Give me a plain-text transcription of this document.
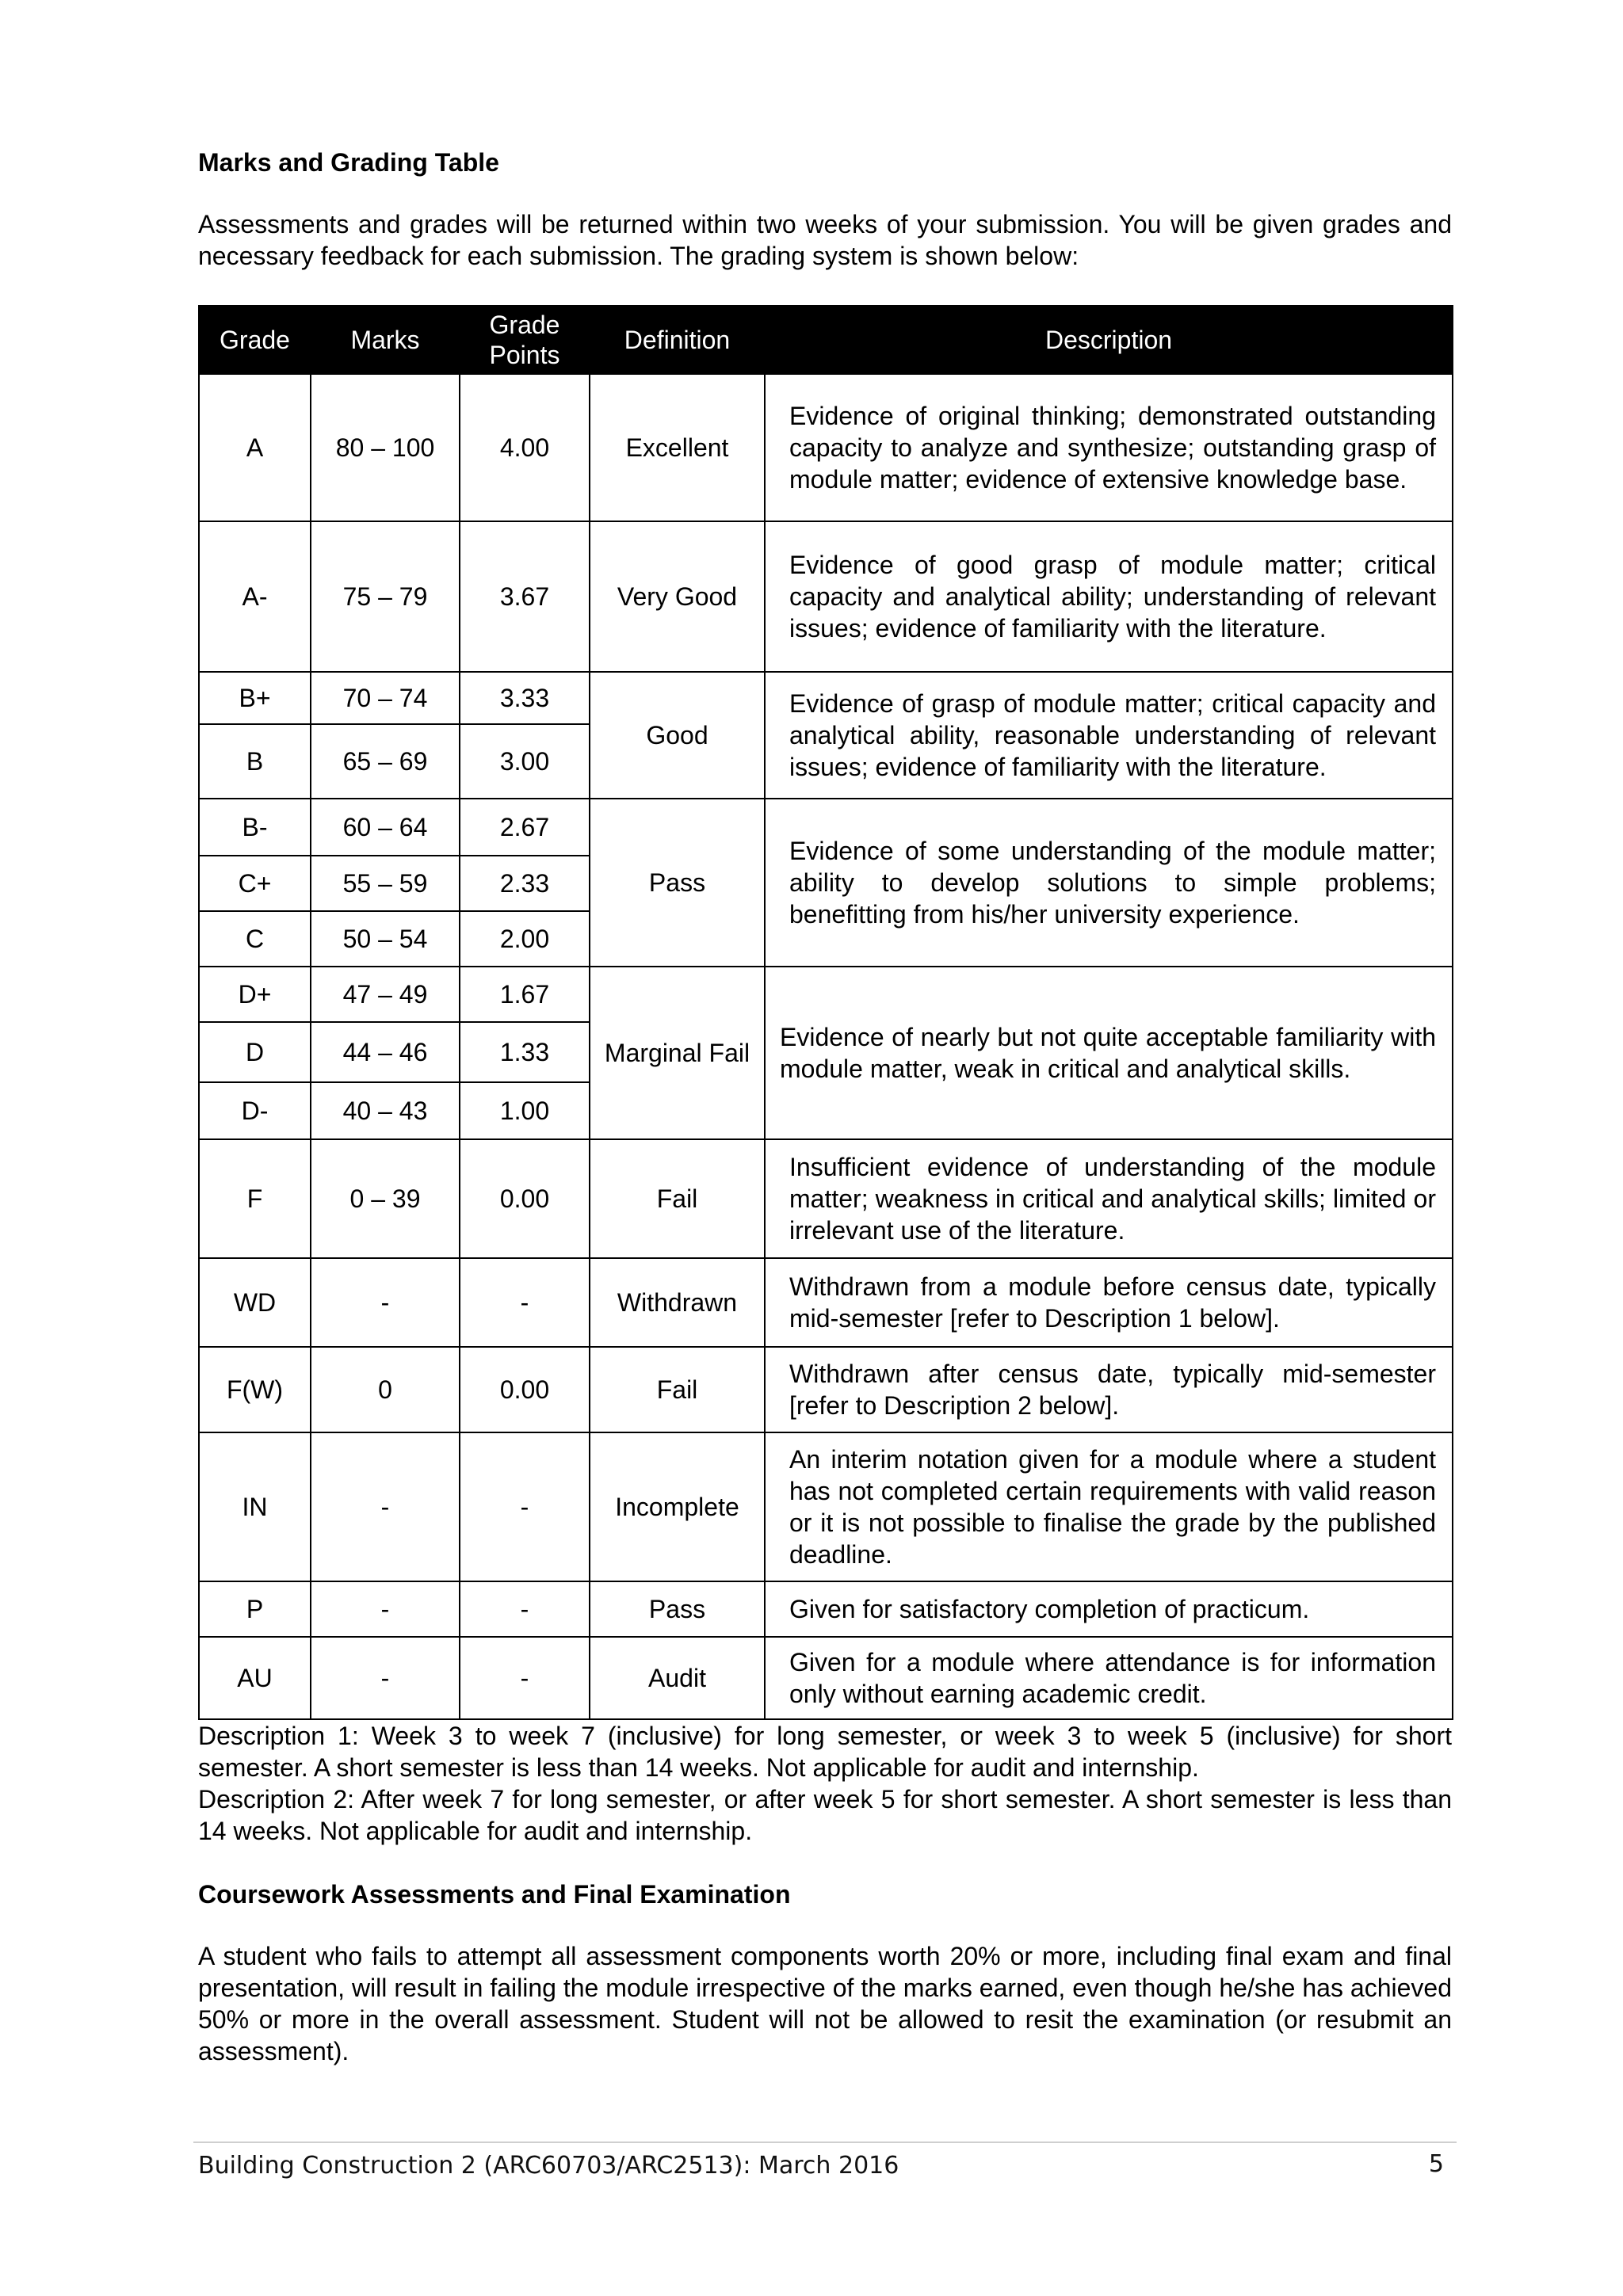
Marks and Grading Table

Assessments and grades will be returned within two weeks of your submission. You will be given grades and necessary feedback for each submission. The grading system is shown below:

Grade	Marks	Grade Points	Definition	Description
A	80 – 100	4.00	Excellent	Evidence of original thinking; demonstrated outstanding capacity to analyze and synthesize; outstanding grasp of module matter; evidence of extensive knowledge base.
A-	75 – 79	3.67	Very Good	Evidence of good grasp of module matter; critical capacity and analytical ability; understanding of relevant issues; evidence of familiarity with the literature.
B+	70 – 74	3.33	Good	Evidence of grasp of module matter; critical capacity and analytical ability, reasonable understanding of relevant issues; evidence of familiarity with the literature.
B	65 – 69	3.00		
B-	60 – 64	2.67	Pass	Evidence of some understanding of the module matter; ability to develop solutions to simple problems; benefitting from his/her university experience.
C+	55 – 59	2.33		
C	50 – 54	2.00		
D+	47 – 49	1.67	Marginal Fail	Evidence of nearly but not quite acceptable familiarity with module matter, weak in critical and analytical skills.
D	44 – 46	1.33		
D-	40 – 43	1.00		
F	0 – 39	0.00	Fail	Insufficient evidence of understanding of the module matter; weakness in critical and analytical skills; limited or irrelevant use of the literature.
WD	-	-	Withdrawn	Withdrawn from a module before census date, typically mid-semester [refer to Description 1 below].
F(W)	0	0.00	Fail	Withdrawn after census date, typically mid-semester [refer to Description 2 below].
IN	-	-	Incomplete	An interim notation given for a module where a student has not completed certain requirements with valid reason or it is not possible to finalise the grade by the published deadline.
P	-	-	Pass	Given for satisfactory completion of practicum.
AU	-	-	Audit	Given for a module where attendance is for information only without earning academic credit.
Description 1: Week 3 to week 7 (inclusive) for long semester, or week 3 to week 5 (inclusive) for short semester. A short semester is less than 14 weeks. Not applicable for audit and internship.
Description 2: After week 7 for long semester, or after week 5 for short semester. A short semester is less than 14 weeks. Not applicable for audit and internship.
Coursework Assessments and Final Examination

A student who fails to attempt all assessment components worth 20% or more, including final exam and final presentation, will result in failing the module irrespective of the marks earned, even though he/she has achieved 50% or more in the overall assessment. Student will not be allowed to resit the examination (or resubmit an assessment).

Building Construction 2 (ARC60703/ARC2513): March 2016	5
